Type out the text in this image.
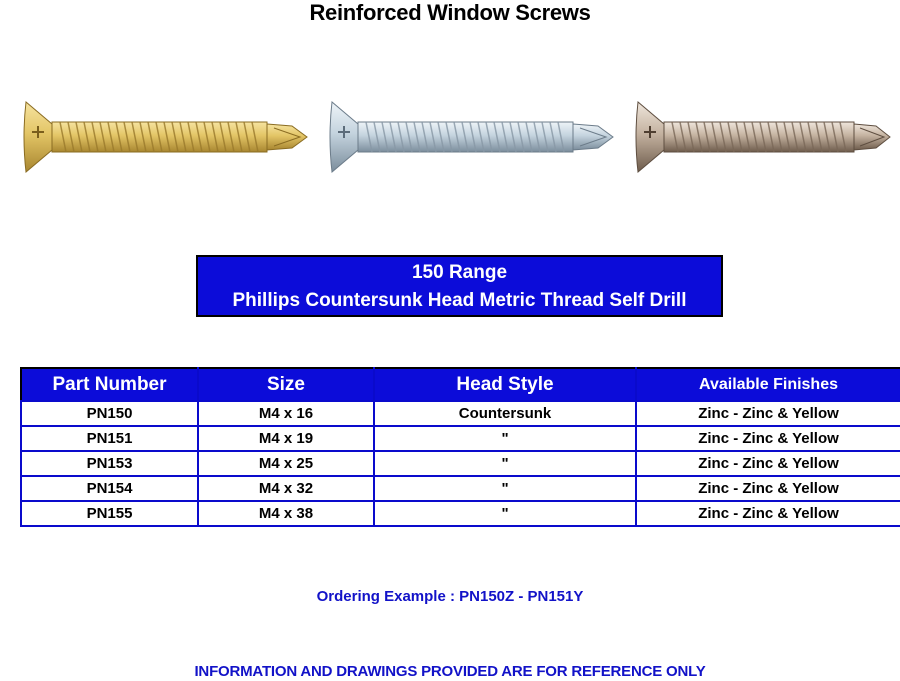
Reinforced Window Screws
150 Range
Phillips Countersunk Head Metric Thread Self Drill
Part Number	Size	Head Style	Available Finishes
PN150	M4 x 16	Countersunk	Zinc - Zinc & Yellow
PN151	M4 x 19	"	Zinc - Zinc & Yellow
PN153	M4 x 25	"	Zinc - Zinc & Yellow
PN154	M4 x 32	"	Zinc - Zinc & Yellow
PN155	M4 x 38	"	Zinc - Zinc & Yellow
Ordering Example : PN150Z - PN151Y
INFORMATION AND DRAWINGS PROVIDED ARE FOR REFERENCE ONLY
